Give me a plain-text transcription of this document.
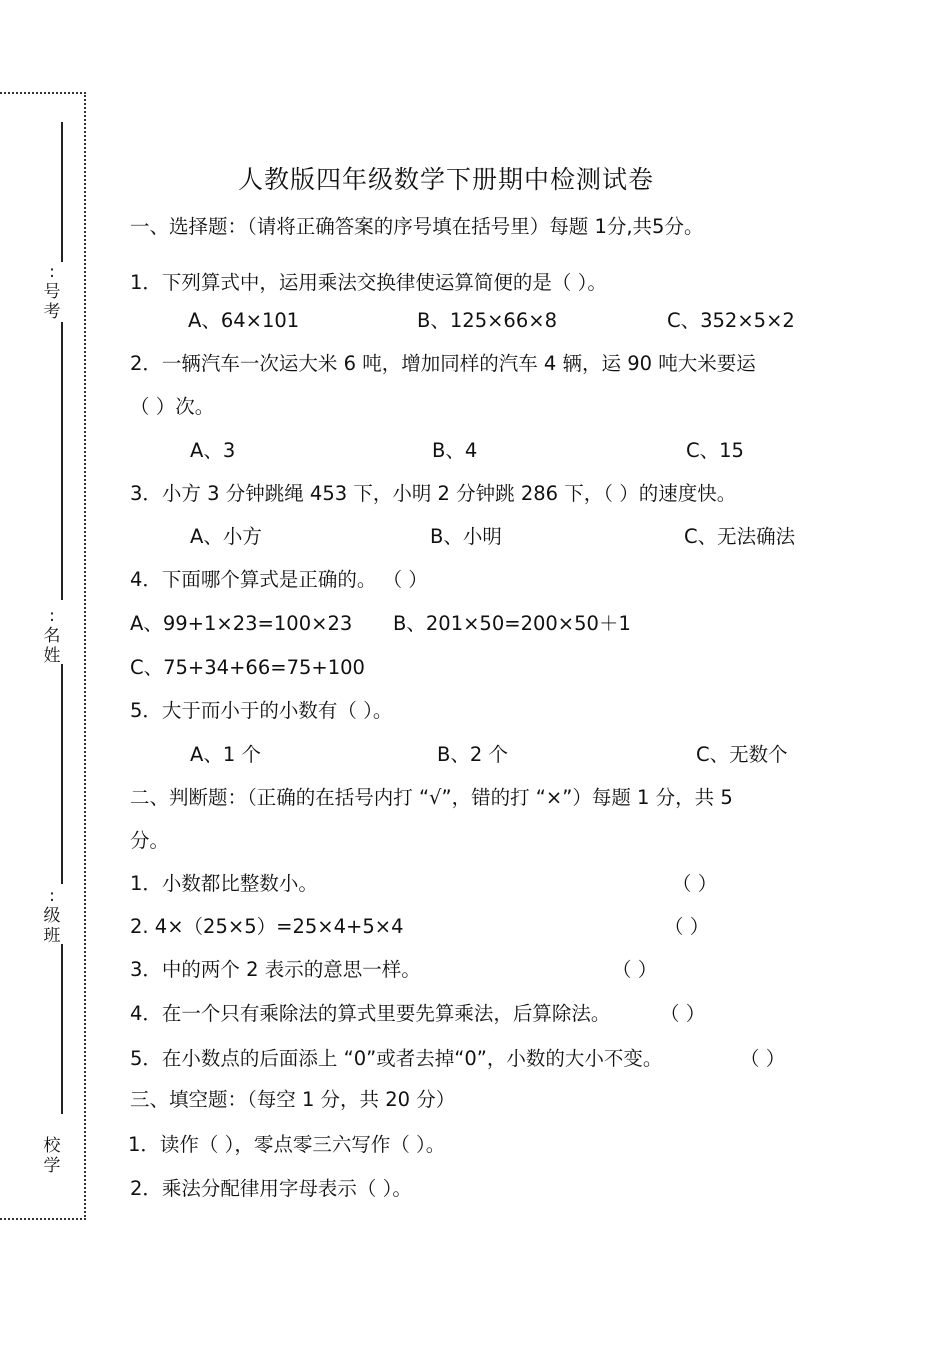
:
号
考
:
名
姓
:
级
班
校
学
人教版四年级数学下册期中检测试卷
一、选择题：（请将正确答案的序号填在括号里）每题 1分,共5分。
1．下列算式中，运用乘法交换律使运算简便的是（ ）。
A、64×101	B、125×66×8	C、352×5×2
2．一辆汽车一次运大米 6 吨，增加同样的汽车 4 辆，运 90 吨大米要运
（ ）次。
A、3	B、4	C、15
3．小方 3 分钟跳绳 453 下，小明 2 分钟跳 286 下，（ ）的速度快。
A、小方	B、小明	C、无法确法
4．下面哪个算式是正确的。 （ ）
A、99+1×23=100×23 B、201×50=200×50＋1
C、75+34+66=75+100
5．大于而小于的小数有（ ）。
A、1 个	B、2 个	C、无数个
二、判断题：（正确的在括号内打 “√”，错的打 “×”）每题 1 分，共 5
分。
1．小数都比整数小。	（ ）
2. 4×（25×5）=25×4+5×4	（ ）
3．中的两个 2 表示的意思一样。	（ ）
4．在一个只有乘除法的算式里要先算乘法，后算除法。	（ ）
5．在小数点的后面添上 “0”或者去掉“0”，小数的大小不变。	（ ）
三、填空题：（每空 1 分，共 20 分）
1．读作（ ），零点零三六写作（ ）。
2．乘法分配律用字母表示（ ）。
